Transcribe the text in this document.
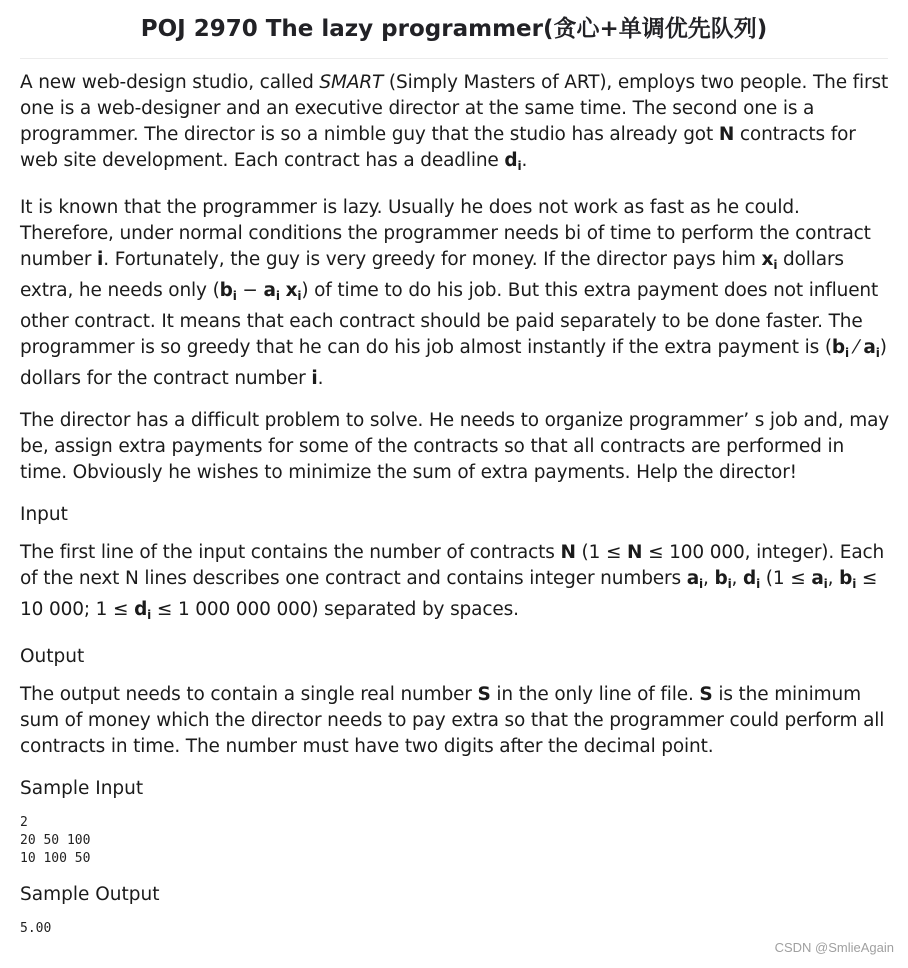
POJ 2970 The lazy programmer(贪心+单调优先队列)

A new web-design studio, called SMART (Simply Masters of ART), employs two people. The first one is a web-designer and an executive director at the same time. The second one is a programmer. The director is so a nimble guy that the studio has already got N contracts for web site development. Each contract has a deadline $d_i$.

It is known that the programmer is lazy. Usually he does not work as fast as he could. Therefore, under normal conditions the programmer needs bi of time to perform the contract number i. Fortunately, the guy is very greedy for money. If the director pays him $x_i$ dollars extra, he needs only ($b_i - a_i$ $x_i$) of time to do his job. But this extra payment does not influent other contract. It means that each contract should be paid separately to be done faster. The programmer is so greedy that he can do his job almost instantly if the extra payment is ($b_i$ ⁄ $a_i$) dollars for the contract number i.

The director has a difficult problem to solve. He needs to organize programmer’ s job and, may be, assign extra payments for some of the contracts so that all contracts are performed in time. Obviously he wishes to minimize the sum of extra payments. Help the director!

Input

The first line of the input contains the number of contracts N (1 ≤ N ≤ 100 000, integer). Each of the next N lines describes one contract and contains integer numbers $a_i$, $b_i$, $d_i$ ($1 \le a_i$, $b_i \le 10$ 000; $1 \le d_i \le 1$ 000 000 000) separated by spaces.

Output

The output needs to contain a single real number S in the only line of file. S is the minimum sum of money which the director needs to pay extra so that the programmer could perform all contracts in time. The number must have two digits after the decimal point.

Sample Input
2
20 50 100
10 100 50
Sample Output
5.00
CSDN @SmlieAgain
